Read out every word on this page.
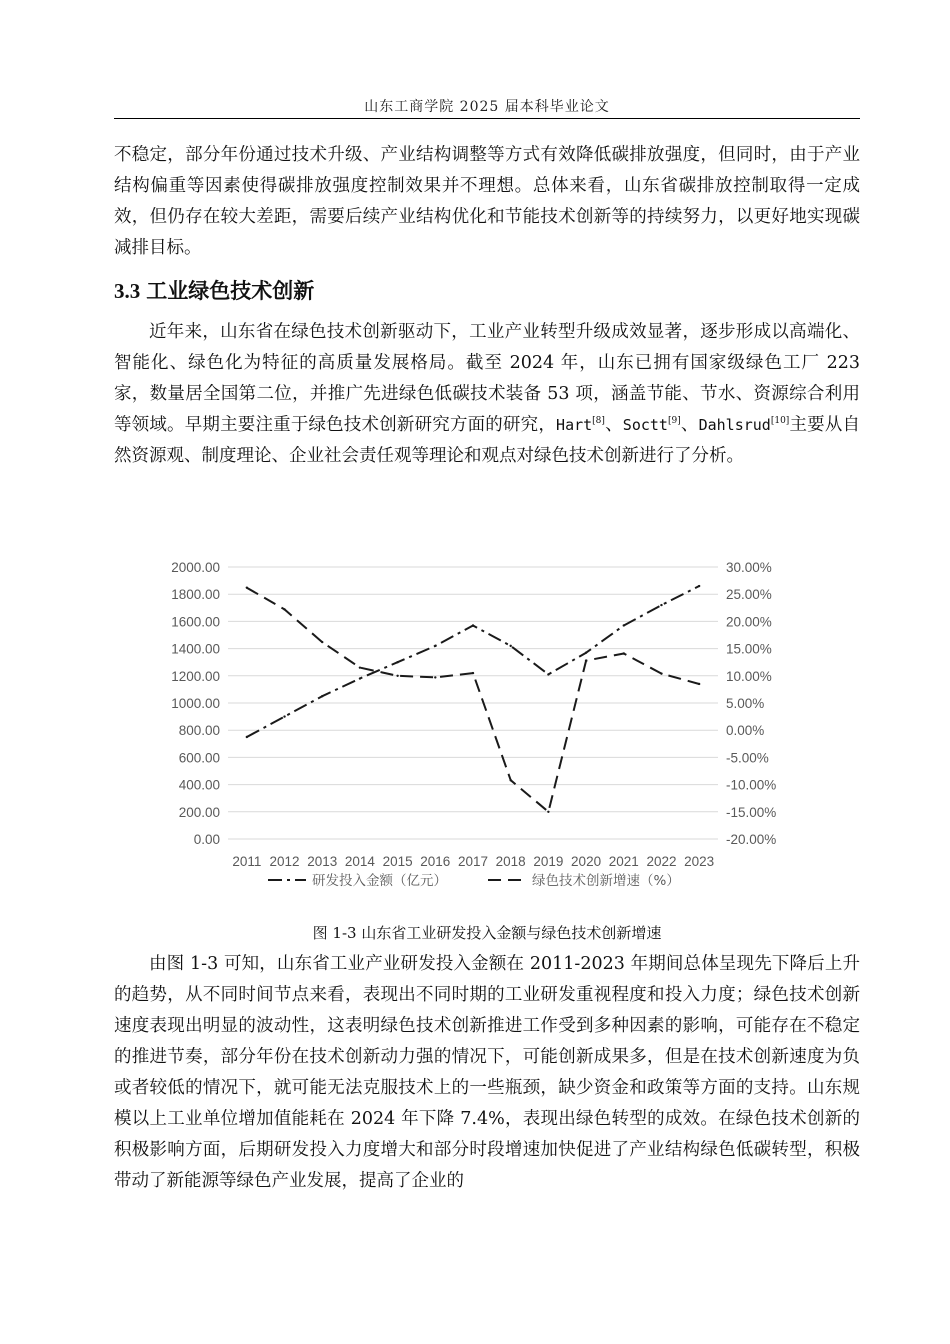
山东工商学院 2025 届本科毕业论文

不稳定，部分年份通过技术升级、产业结构调整等方式有效降低碳排放强度，但同时，由于产业结构偏重等因素使得碳排放强度控制效果并不理想。总体来看，山东省碳排放控制取得一定成效，但仍存在较大差距，需要后续产业结构优化和节能技术创新等的持续努力，以更好地实现碳减排目标。

3.3 工业绿色技术创新

近年来，山东省在绿色技术创新驱动下，工业产业转型升级成效显著，逐步形成以高端化、智能化、绿色化为特征的高质量发展格局。截至 2024 年，山东已拥有国家级绿色工厂 223 家，数量居全国第二位，并推广先进绿色低碳技术装备 53 项，涵盖节能、节水、资源综合利用等领域。早期主要注重于绿色技术创新研究方面的研究，Hart[8]、Soctt[9]、Dahlsrud[10]主要从自然资源观、制度理论、企业社会责任观等理论和观点对绿色技术创新进行了分析。

2000.00	30.00%
1800.00	25.00%
1600.00	20.00%
1400.00	15.00%
1200.00	10.00%
1000.00	5.00%
800.00	0.00%
600.00	-5.00%
400.00	-10.00%
200.00	-15.00%
0.00	-20.00%
2011 2012 2013 2014 2015 2016 2017 2018 2019 2020 2021 2022 2023
研发投入金额（亿元）	绿色技术创新增速（%）
图 1-3 山东省工业研发投入金额与绿色技术创新增速

由图 1-3 可知，山东省工业产业研发投入金额在 2011-2023 年期间总体呈现先下降后上升的趋势，从不同时间节点来看，表现出不同时期的工业研发重视程度和投入力度；绿色技术创新速度表现出明显的波动性，这表明绿色技术创新推进工作受到多种因素的影响，可能存在不稳定的推进节奏，部分年份在技术创新动力强的情况下，可能创新成果多，但是在技术创新速度为负或者较低的情况下，就可能无法克服技术上的一些瓶颈，缺少资金和政策等方面的支持。山东规模以上工业单位增加值能耗在 2024 年下降 7.4%，表现出绿色转型的成效。在绿色技术创新的积极影响方面，后期研发投入力度增大和部分时段增速加快促进了产业结构绿色低碳转型，积极带动了新能源等绿色产业发展，提高了企业的
